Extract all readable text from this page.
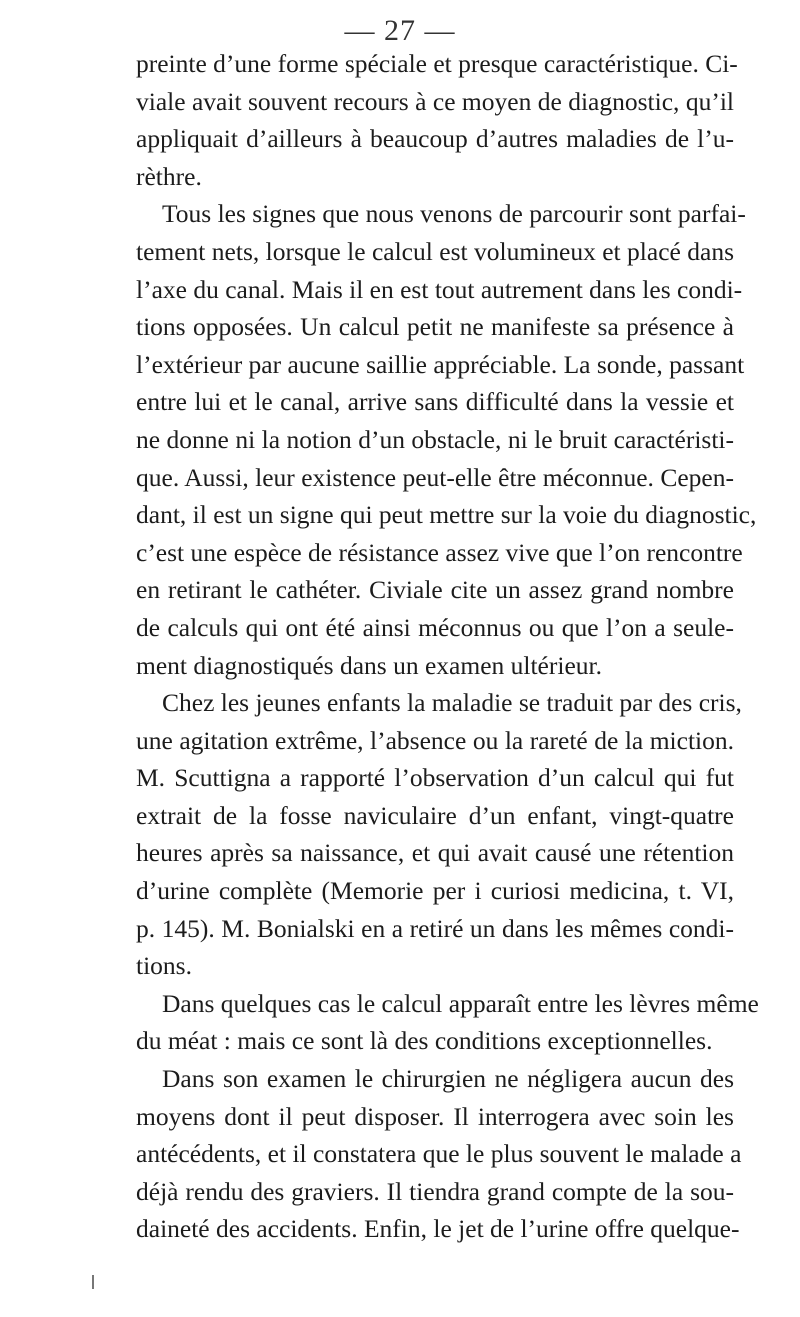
— 27 —
preinte d’une forme spéciale et presque caractéristique. Ci-
viale avait souvent recours à ce moyen de diagnostic, qu’il
appliquait d’ailleurs à beaucoup d’autres maladies de l’u-
rèthre.
Tous les signes que nous venons de parcourir sont parfai-
tement nets, lorsque le calcul est volumineux et placé dans
l’axe du canal. Mais il en est tout autrement dans les condi-
tions opposées. Un calcul petit ne manifeste sa présence à
l’extérieur par aucune saillie appréciable. La sonde, passant
entre lui et le canal, arrive sans difficulté dans la vessie et
ne donne ni la notion d’un obstacle, ni le bruit caractéristi-
que. Aussi, leur existence peut-elle être méconnue. Cepen-
dant, il est un signe qui peut mettre sur la voie du diagnostic,
c’est une espèce de résistance assez vive que l’on rencontre
en retirant le cathéter. Civiale cite un assez grand nombre
de calculs qui ont été ainsi méconnus ou que l’on a seule-
ment diagnostiqués dans un examen ultérieur.
Chez les jeunes enfants la maladie se traduit par des cris,
une agitation extrême, l’absence ou la rareté de la miction.
M. Scuttigna a rapporté l’observation d’un calcul qui fut
extrait de la fosse naviculaire d’un enfant, vingt-quatre
heures après sa naissance, et qui avait causé une rétention
d’urine complète (Memorie per i curiosi medicina, t. VI,
p. 145). M. Bonialski en a retiré un dans les mêmes condi-
tions.
Dans quelques cas le calcul apparaît entre les lèvres même
du méat : mais ce sont là des conditions exceptionnelles.
Dans son examen le chirurgien ne négligera aucun des
moyens dont il peut disposer. Il interrogera avec soin les
antécédents, et il constatera que le plus souvent le malade a
déjà rendu des graviers. Il tiendra grand compte de la sou-
daineté des accidents. Enfin, le jet de l’urine offre quelque-
